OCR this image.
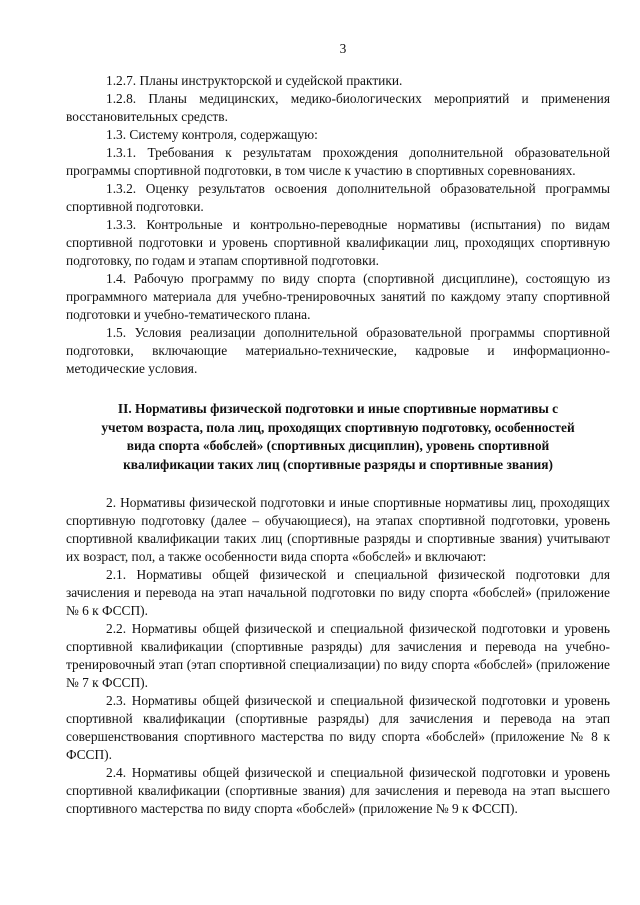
3

1.2.7. Планы инструкторской и судейской практики.

1.2.8. Планы медицинских, медико-биологических мероприятий и применения восстановительных средств.

1.3. Систему контроля, содержащую:

1.3.1. Требования к результатам прохождения дополнительной образовательной программы спортивной подготовки, в том числе к участию в спортивных соревнованиях.

1.3.2. Оценку результатов освоения дополнительной образовательной программы спортивной подготовки.

1.3.3. Контрольные и контрольно-переводные нормативы (испытания) по видам спортивной подготовки и уровень спортивной квалификации лиц, проходящих спортивную подготовку, по годам и этапам спортивной подготовки.

1.4. Рабочую программу по виду спорта (спортивной дисциплине), состоящую из программного материала для учебно-тренировочных занятий по каждому этапу спортивной подготовки и учебно-тематического плана.

1.5. Условия реализации дополнительной образовательной программы спортивной подготовки, включающие материально-технические, кадровые и информационно-методические условия.

II. Нормативы физической подготовки и иные спортивные нормативы с
учетом возраста, пола лиц, проходящих спортивную подготовку, особенностей
вида спорта «бобслей» (спортивных дисциплин), уровень спортивной
квалификации таких лиц (спортивные разряды и спортивные звания)

2. Нормативы физической подготовки и иные спортивные нормативы лиц, проходящих спортивную подготовку (далее – обучающиеся), на этапах спортивной подготовки, уровень спортивной квалификации таких лиц (спортивные разряды и спортивные звания) учитывают их возраст, пол, а также особенности вида спорта «бобслей» и включают:

2.1. Нормативы общей физической и специальной физической подготовки для зачисления и перевода на этап начальной подготовки по виду спорта «бобслей» (приложение № 6 к ФССП).

2.2. Нормативы общей физической и специальной физической подготовки и уровень спортивной квалификации (спортивные разряды) для зачисления и перевода на учебно-тренировочный этап (этап спортивной специализации) по виду спорта «бобслей» (приложение № 7 к ФССП).

2.3. Нормативы общей физической и специальной физической подготовки и уровень спортивной квалификации (спортивные разряды) для зачисления и перевода на этап совершенствования спортивного мастерства по виду спорта «бобслей» (приложение № 8 к ФССП).

2.4. Нормативы общей физической и специальной физической подготовки и уровень спортивной квалификации (спортивные звания) для зачисления и перевода на этап высшего спортивного мастерства по виду спорта «бобслей» (приложение № 9 к ФССП).
